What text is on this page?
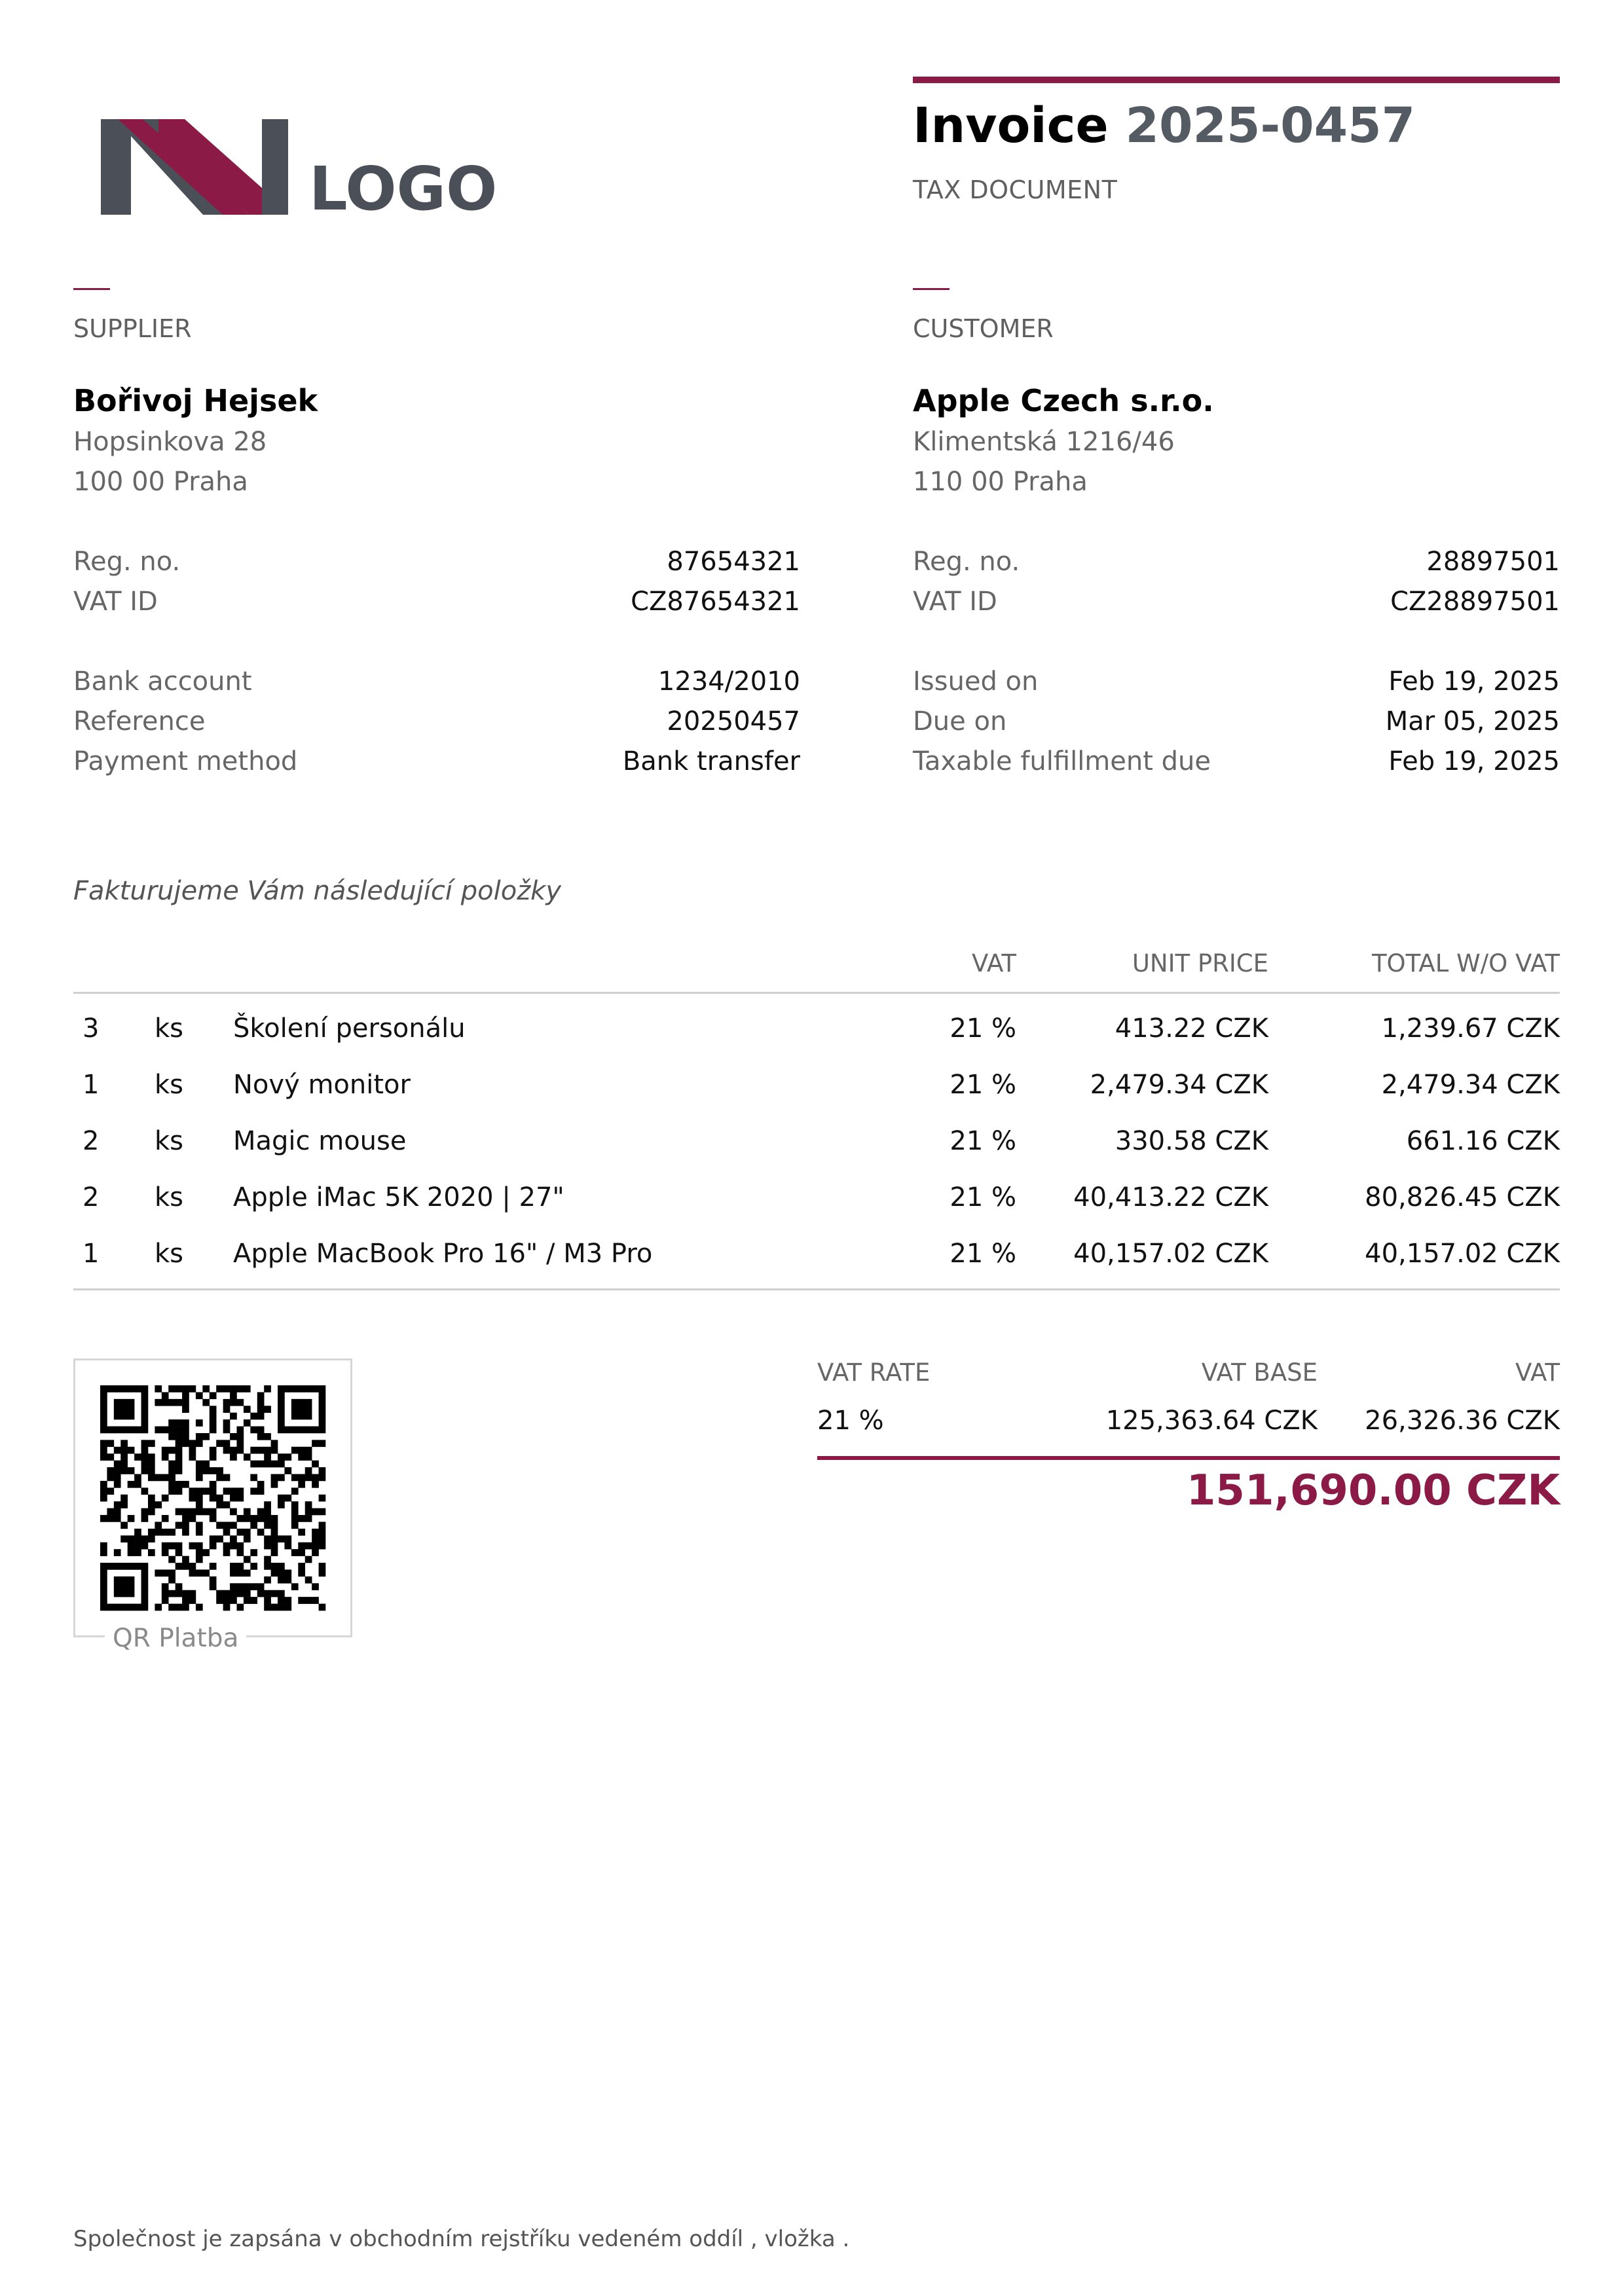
LOGO
Invoice 2025-0457
TAX DOCUMENT
SUPPLIER
Bořivoj Hejsek
Hopsinkova 28
100 00 Praha
Reg. no.	87654321
VAT ID	CZ87654321
Bank account	1234/2010
Reference	20250457
Payment method	Bank transfer
CUSTOMER
Apple Czech s.r.o.
Klimentská 1216/46
110 00 Praha
Reg. no.	28897501
VAT ID	CZ28897501
Issued on	Feb 19, 2025
Due on	Mar 05, 2025
Taxable fulfillment due	Feb 19, 2025
Fakturujeme Vám následující položky
			VAT	UNIT PRICE	TOTAL W/O VAT
3	ks	Školení personálu	21 %	413.22 CZK	1,239.67 CZK
1	ks	Nový monitor	21 %	2,479.34 CZK	2,479.34 CZK
2	ks	Magic mouse	21 %	330.58 CZK	661.16 CZK
2	ks	Apple iMac 5K 2020 | 27"	21 %	40,413.22 CZK	80,826.45 CZK
1	ks	Apple MacBook Pro 16" / M3 Pro	21 %	40,157.02 CZK	40,157.02 CZK
QR Platba
VAT RATE	VAT BASE	VAT
21 %	125,363.64 CZK	26,326.36 CZK
151,690.00 CZK
Společnost je zapsána v obchodním rejstříku vedeném oddíl , vložka .
